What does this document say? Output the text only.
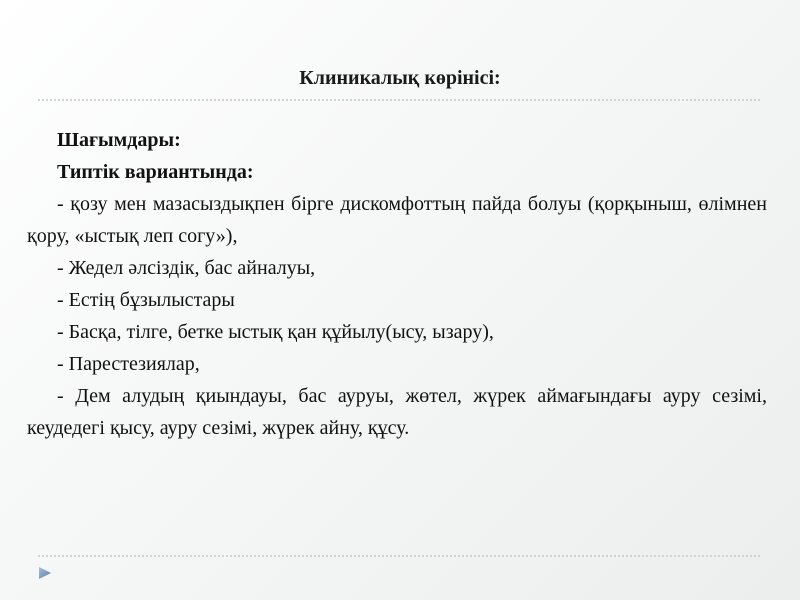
Клиникалық көрінісі:

Шағымдары:

Типтік вариантында:

- қозу мен мазасыздықпен бірге дискомфоттың пайда болуы (қорқыныш, өлімнен қору, «ыстық леп согу»),

- Жедел әлсіздік, бас айналуы,

- Естің бұзылыстары

- Басқа, тілге, бетке ыстық қан құйылу(ысу, ызару),

- Парестезиялар,

- Дем алудың қиындауы, бас ауруы, жөтел, жүрек аймағындағы ауру сезімі, кеудедегі қысу, ауру сезімі, жүрек айну, құсу.
